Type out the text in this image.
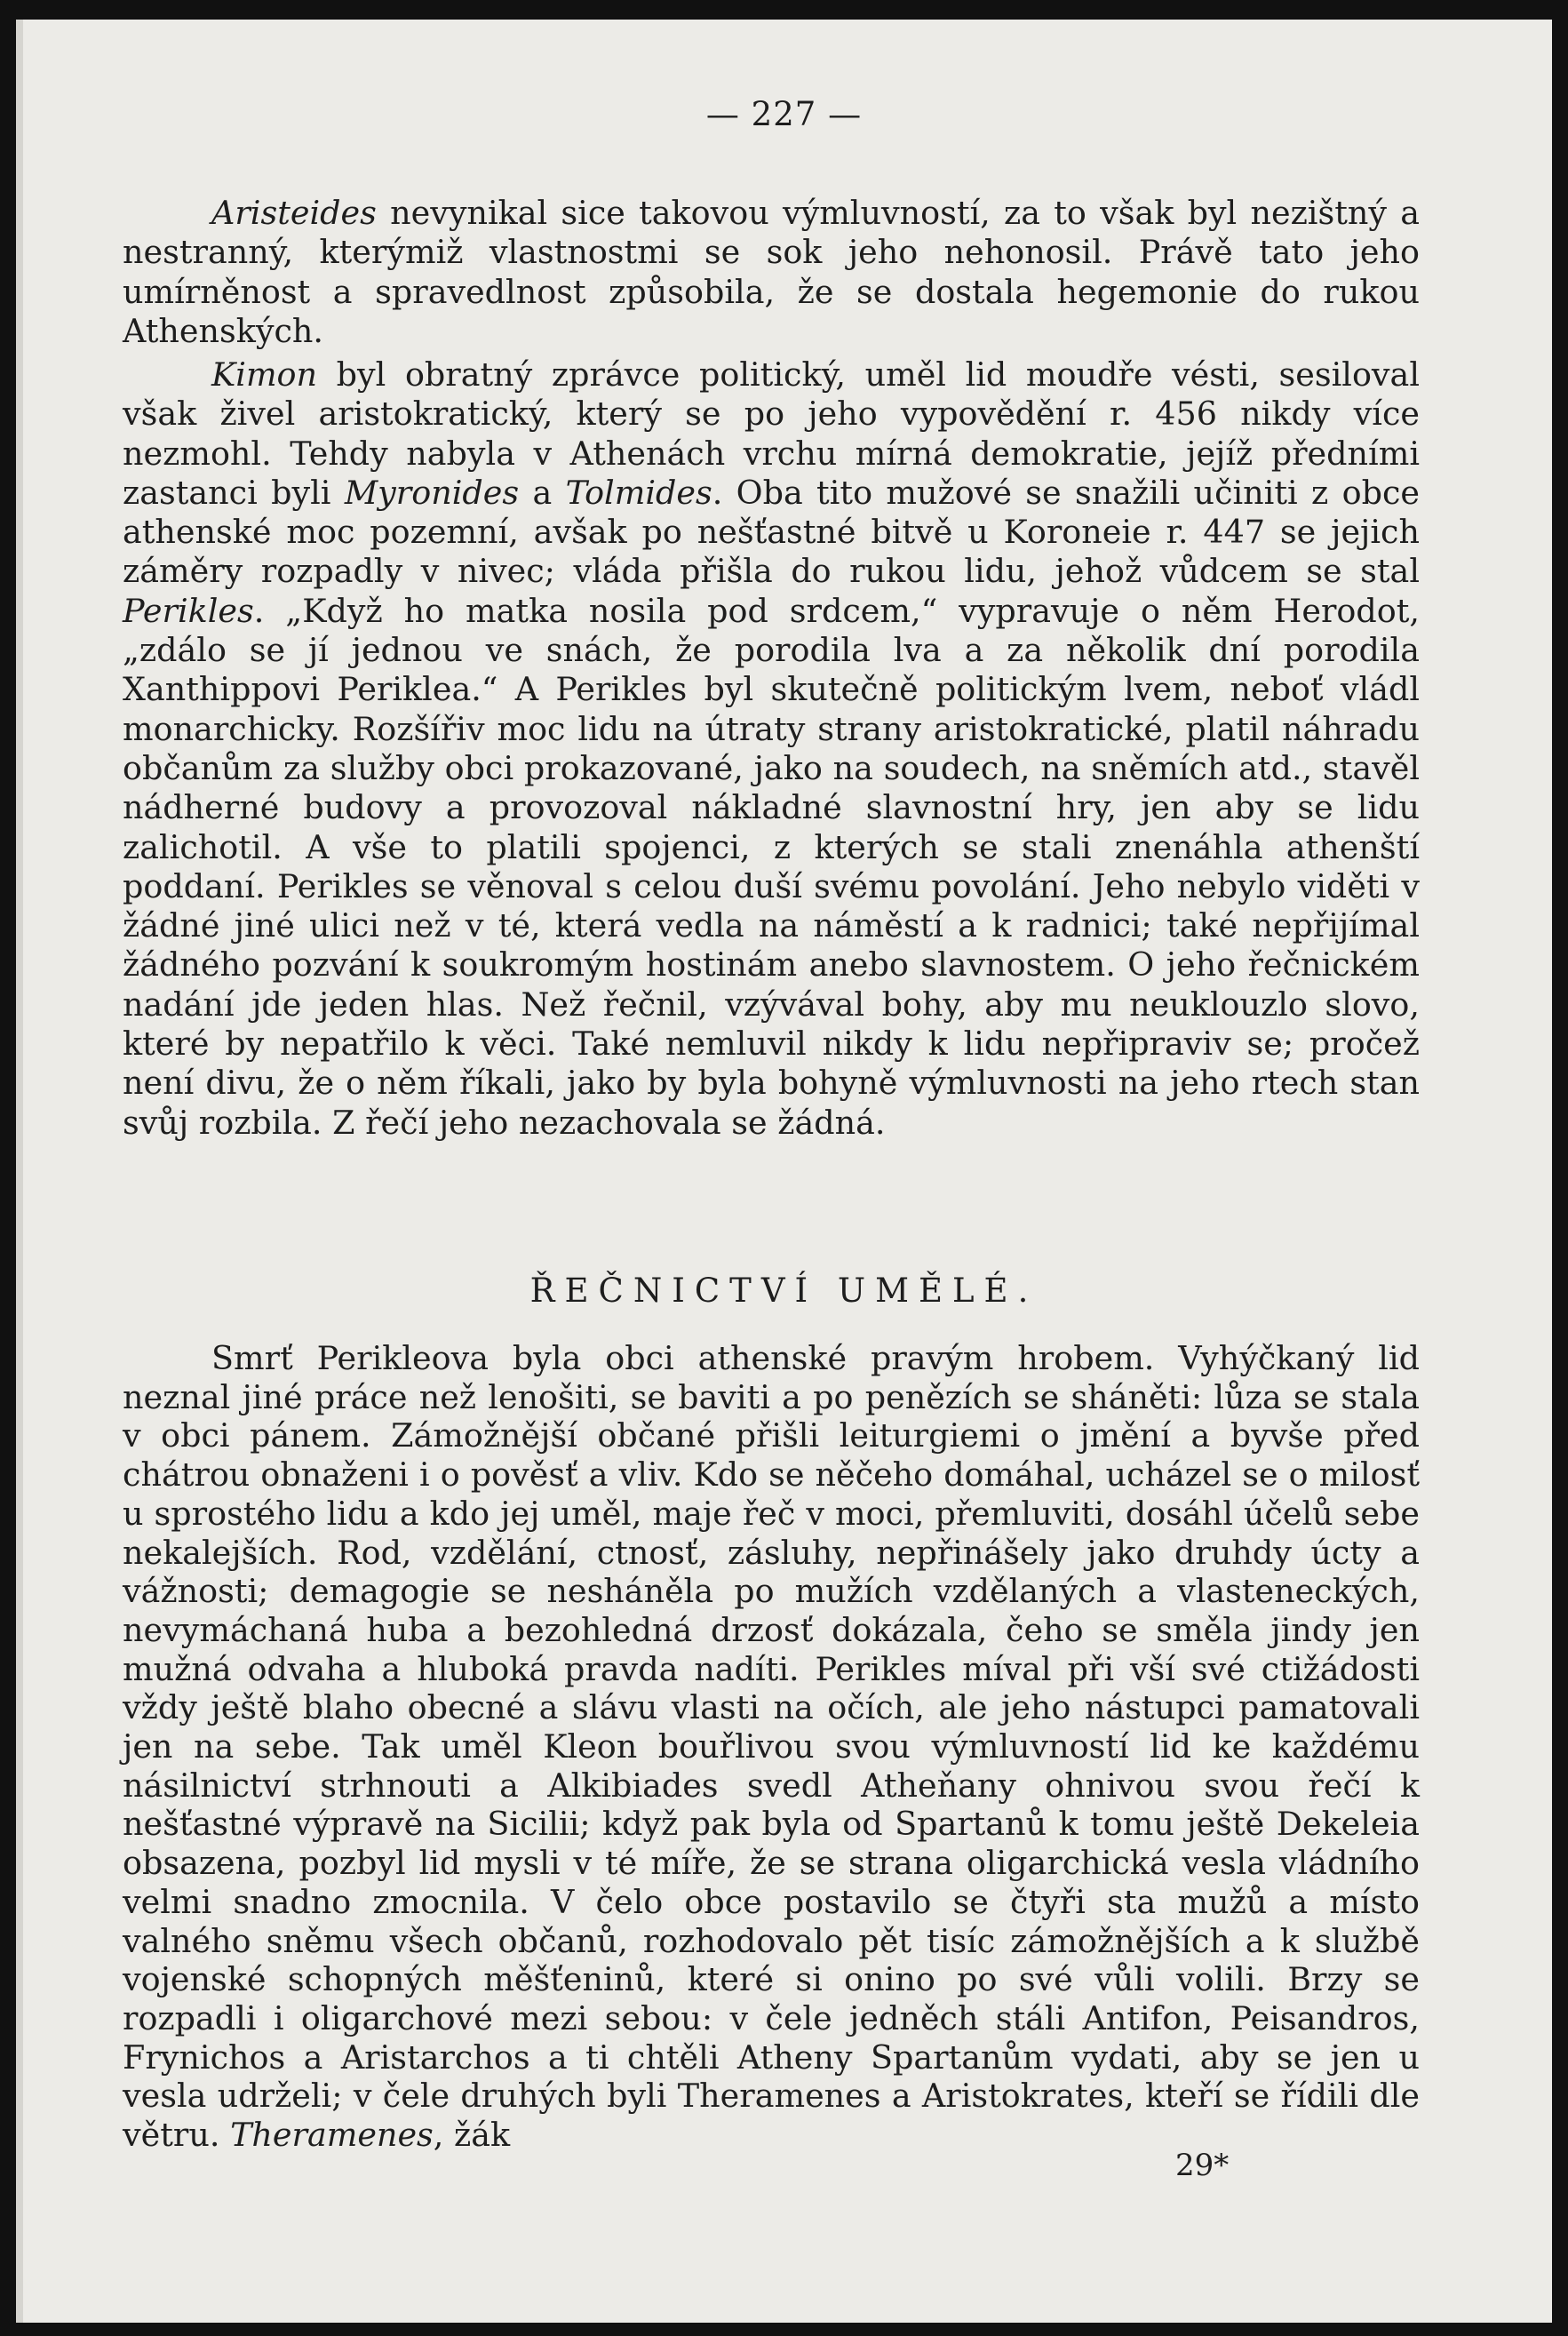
— 227 —

Aristeides nevynikal sice takovou výmluvností, za to však byl nezištný a nestranný, kterýmiž vlastnostmi se sok jeho nehonosil. Právě tato jeho umírněnost a spravedlnost způsobila, že se dostala hegemonie do rukou Athenských.

Kimon byl obratný zprávce politický, uměl lid moudře vésti, sesiloval však živel aristokratický, který se po jeho vypovědění r. 456 nikdy více nezmohl. Tehdy nabyla v Athenách vrchu mírná demokratie, jejíž předními zastanci byli Myronides a Tolmides. Oba tito mužové se snažili učiniti z obce athenské moc pozemní, avšak po nešťastné bitvě u Koroneie r. 447 se jejich záměry rozpadly v nivec; vláda přišla do rukou lidu, jehož vůdcem se stal Perikles. „Když ho matka nosila pod srdcem,“ vypravuje o něm Herodot, „zdálo se jí jednou ve snách, že porodila lva a za několik dní porodila Xanthippovi Periklea.“ A Perikles byl skutečně politickým lvem, neboť vládl monarchicky. Rozšířiv moc lidu na útraty strany aristokratické, platil náhradu občanům za služby obci prokazované, jako na soudech, na sněmích atd., stavěl nádherné budovy a provozoval nákladné slavnostní hry, jen aby se lidu zalichotil. A vše to platili spojenci, z kterých se stali znenáhla athenští poddaní. Perikles se věnoval s celou duší svému povolání. Jeho nebylo viděti v žádné jiné ulici než v té, která vedla na náměstí a k radnici; také nepřijímal žádného pozvání k soukromým hostinám anebo slavnostem. O jeho řečnickém nadání jde jeden hlas. Než řečnil, vzývával bohy, aby mu neuklouzlo slovo, které by nepatřilo k věci. Také nemluvil nikdy k lidu nepřipraviv se; pročež není divu, že o něm říkali, jako by byla bohyně výmluvnosti na jeho rtech stan svůj rozbila. Z řečí jeho nezachovala se žádná.

ŘEČNICTVÍ UMĚLÉ.

Smrť Perikleova byla obci athenské pravým hrobem. Vyhýčkaný lid neznal jiné práce než lenošiti, se baviti a po penězích se sháněti: lůza se stala v obci pánem. Zámožnější občané přišli leiturgiemi o jmění a byvše před chátrou obnaženi i o pověsť a vliv. Kdo se něčeho domáhal, ucházel se o milosť u sprostého lidu a kdo jej uměl, maje řeč v moci, přemluviti, dosáhl účelů sebe nekalejších. Rod, vzdělání, ctnosť, zásluhy, nepřinášely jako druhdy úcty a vážnosti; demagogie se nesháněla po mužích vzdělaných a vlasteneckých, nevymáchaná huba a bezohledná drzosť dokázala, čeho se směla jindy jen mužná odvaha a hluboká pravda nadíti. Perikles míval při vší své ctižádosti vždy ještě blaho obecné a slávu vlasti na očích, ale jeho nástupci pamatovali jen na sebe. Tak uměl Kleon bouřlivou svou výmluvností lid ke každému násilnictví strhnouti a Alkibiades svedl Atheňany ohnivou svou řečí k nešťastné výpravě na Sicilii; když pak byla od Spartanů k tomu ještě Dekeleia obsazena, pozbyl lid mysli v té míře, že se strana oligarchická vesla vládního velmi snadno zmocnila. V čelo obce postavilo se čtyři sta mužů a místo valného sněmu všech občanů, rozhodovalo pět tisíc zámožnějších a k službě vojenské schopných měšťeninů, které si onino po své vůli volili. Brzy se rozpadli i oligarchové mezi sebou: v čele jedněch stáli Antifon, Peisandros, Frynichos a Aristarchos a ti chtěli Atheny Spartanům vydati, aby se jen u vesla udrželi; v čele druhých byli Theramenes a Aristokrates, kteří se řídili dle větru. Theramenes, žák

29*
